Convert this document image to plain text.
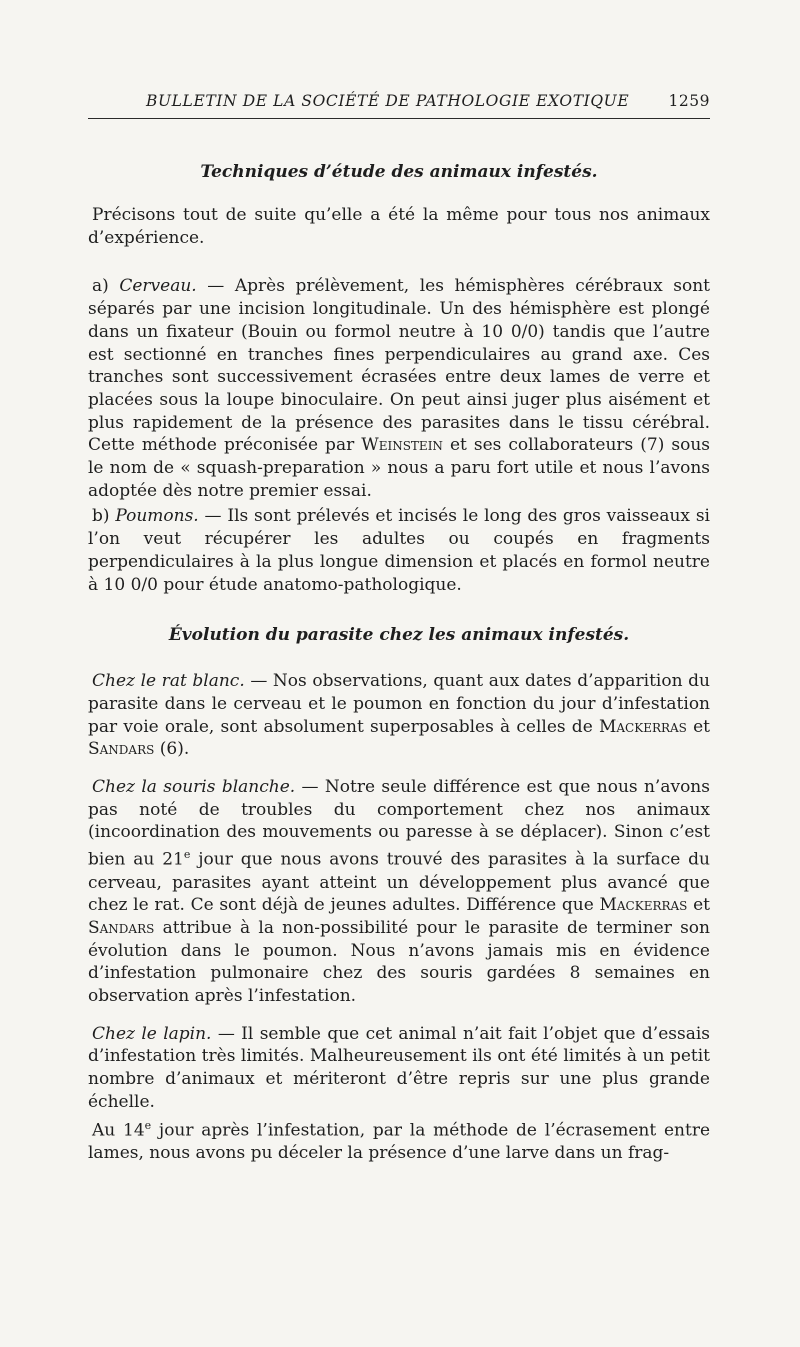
BULLETIN DE LA SOCIÉTÉ DE PATHOLOGIE EXOTIQUE	1259
Techniques d’étude des animaux infestés.

Précisons tout de suite qu’elle a été la même pour tous nos animaux d’expérience.

a) Cerveau. — Après prélèvement, les hémisphères cérébraux sont séparés par une incision longitudinale. Un des hémisphère est plongé dans un fixateur (Bouin ou formol neutre à 10 0/0) tandis que l’autre est sectionné en tranches fines perpendiculaires au grand axe. Ces tranches sont successivement écrasées entre deux lames de verre et placées sous la loupe binoculaire. On peut ainsi juger plus aisément et plus rapidement de la présence des parasites dans le tissu cérébral. Cette méthode préconisée par Weinstein et ses collaborateurs (7) sous le nom de « squash-preparation » nous a paru fort utile et nous l’avons adoptée dès notre premier essai.

b) Poumons. — Ils sont prélevés et incisés le long des gros vaisseaux si l’on veut récupérer les adultes ou coupés en fragments perpendiculaires à la plus longue dimension et placés en formol neutre à 10 0/0 pour étude anatomo-pathologique.

Évolution du parasite chez les animaux infestés.

Chez le rat blanc. — Nos observations, quant aux dates d’apparition du parasite dans le cerveau et le poumon en fonction du jour d’infestation par voie orale, sont absolument superposables à celles de Mackerras et Sandars (6).

Chez la souris blanche. — Notre seule différence est que nous n’avons pas noté de troubles du comportement chez nos animaux (incoordination des mouvements ou paresse à se déplacer). Sinon c’est bien au 21e jour que nous avons trouvé des parasites à la surface du cerveau, parasites ayant atteint un développement plus avancé que chez le rat. Ce sont déjà de jeunes adultes. Différence que Mackerras et Sandars attribue à la non-possibilité pour le parasite de terminer son évolution dans le poumon. Nous n’avons jamais mis en évidence d’infestation pulmonaire chez des souris gardées 8 semaines en observation après l’infestation.

Chez le lapin. — Il semble que cet animal n’ait fait l’objet que d’essais d’infestation très limités. Malheureusement ils ont été limités à un petit nombre d’animaux et mériteront d’être repris sur une plus grande échelle.

Au 14e jour après l’infestation, par la méthode de l’écrasement entre lames, nous avons pu déceler la présence d’une larve dans un frag-
